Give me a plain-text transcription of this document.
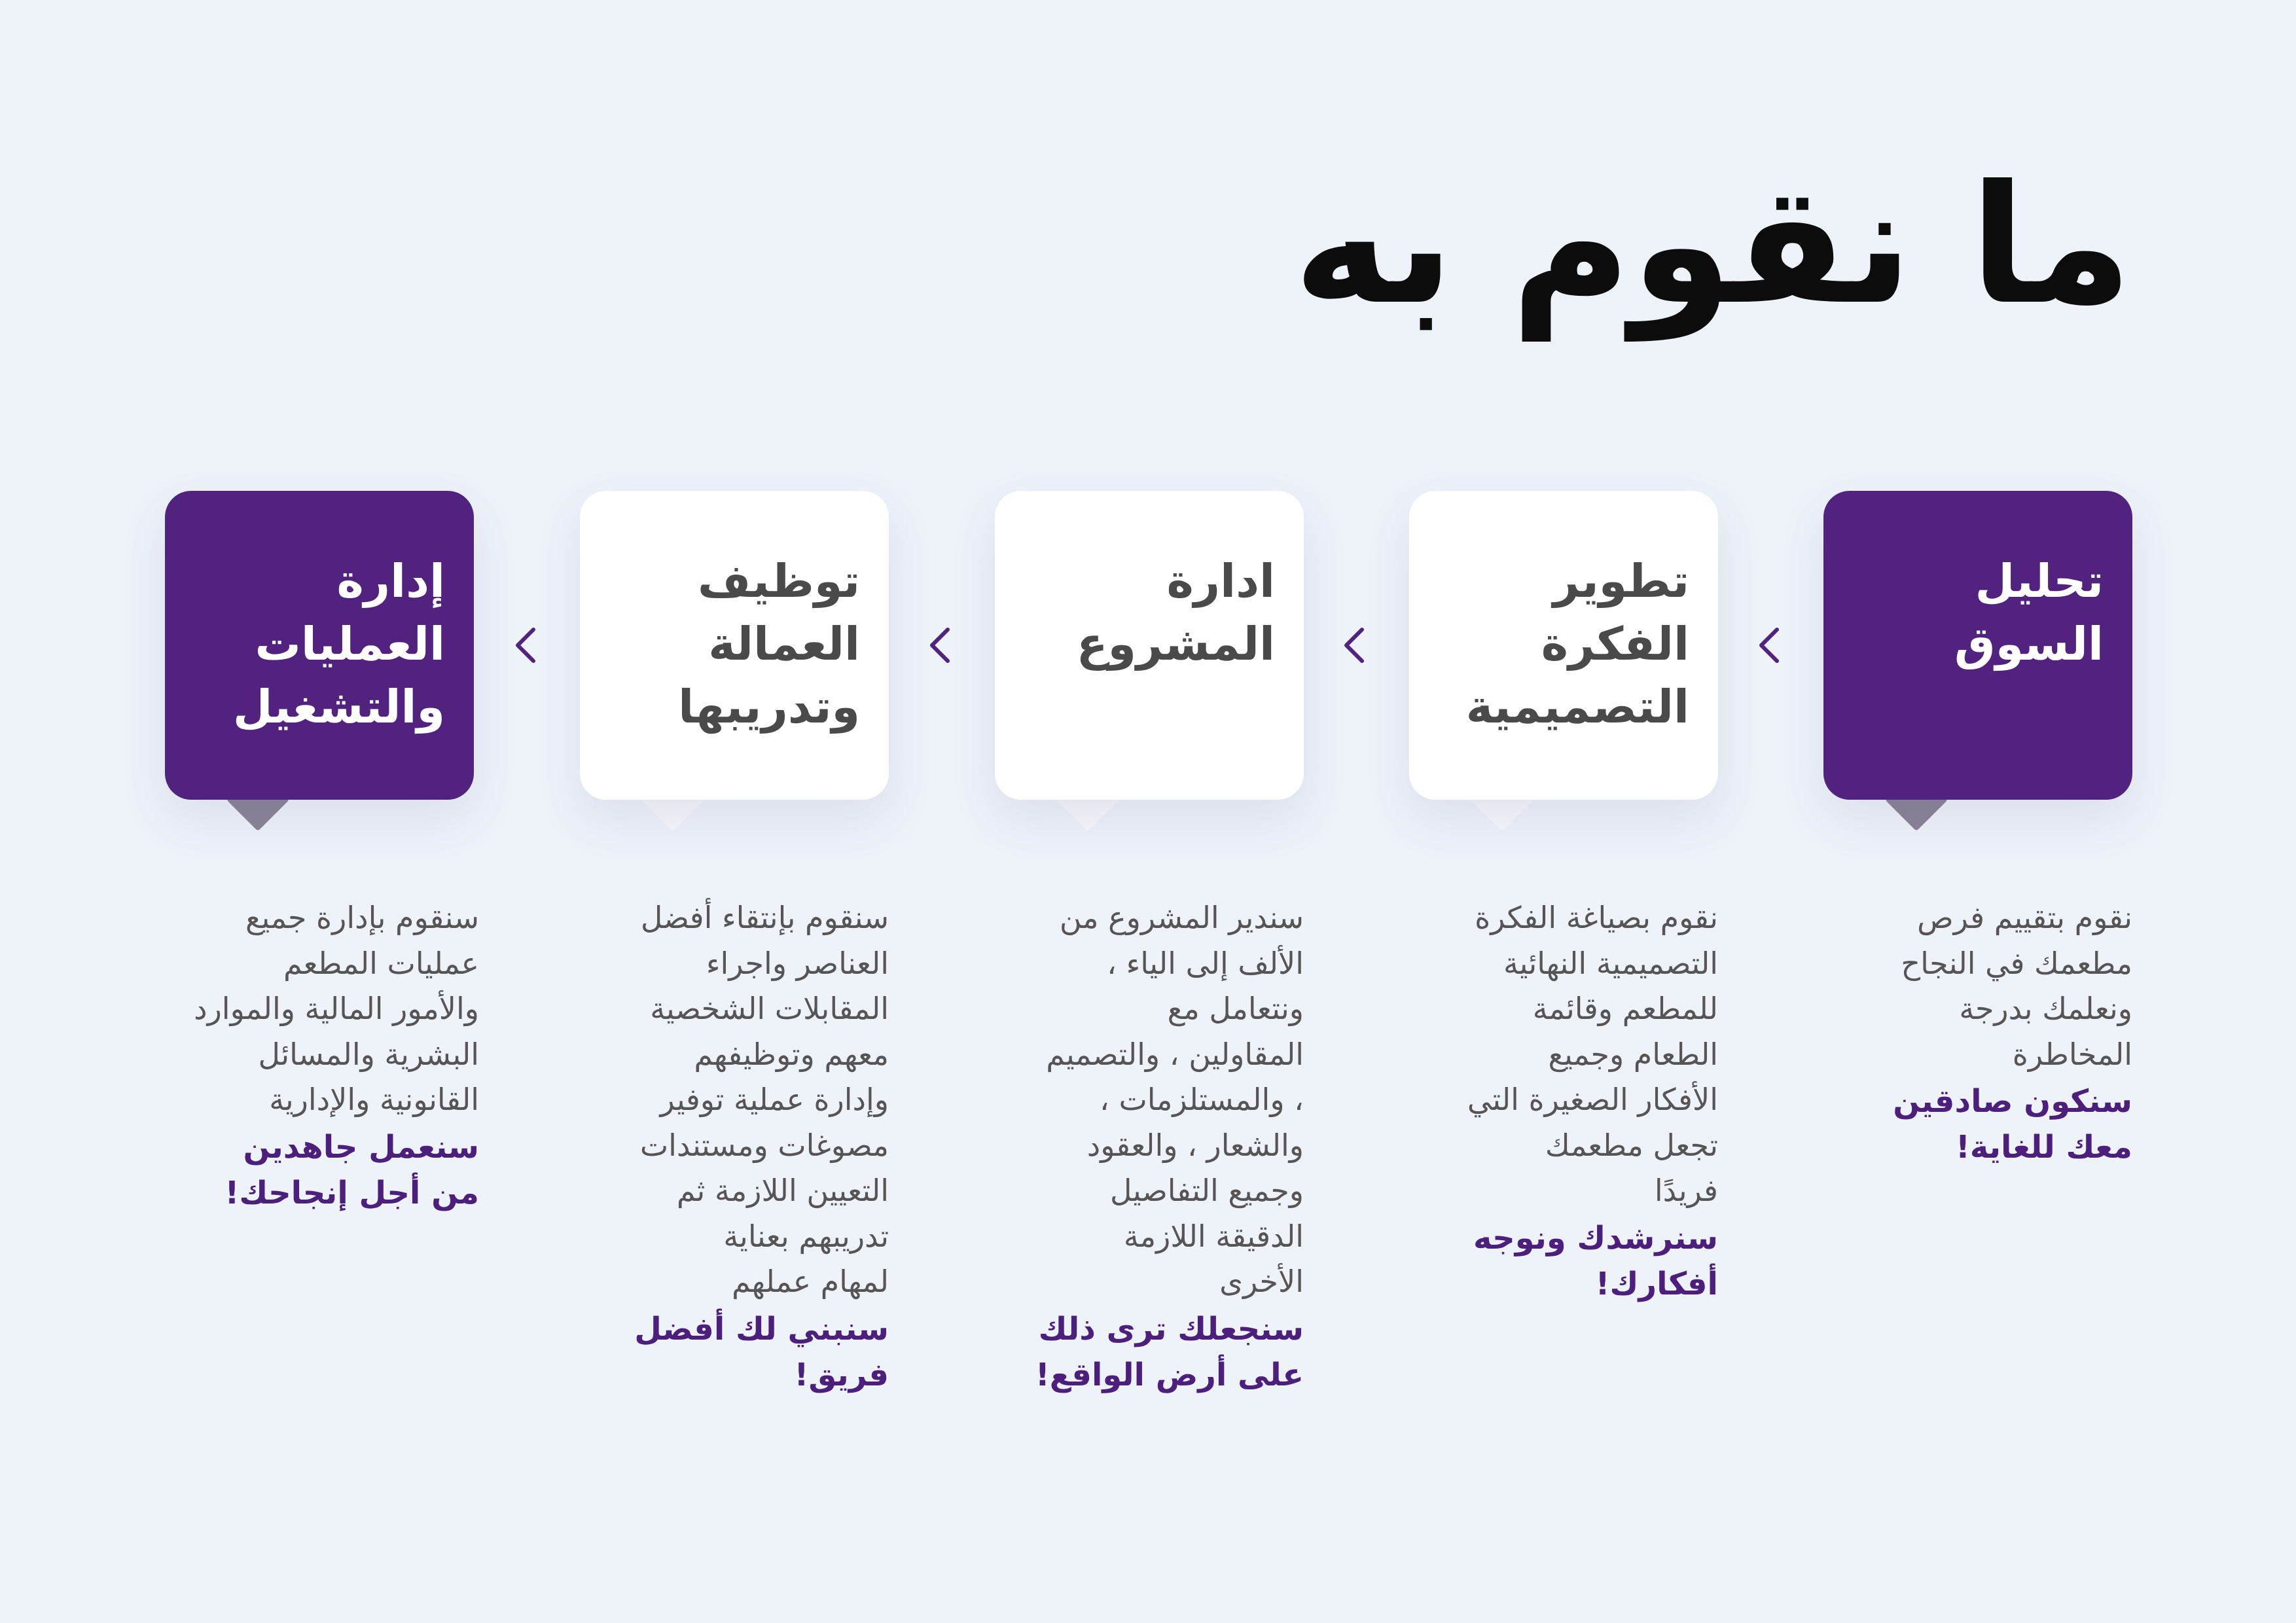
ما نقوم به
تحليل
السوق
نقوم بتقييم فرص
مطعمك في النجاح
ونعلمك بدرجة
المخاطرة
سنكون صادقين
معك للغاية!
تطوير
الفكرة
التصميمية
نقوم بصياغة الفكرة
التصميمية النهائية
للمطعم وقائمة
الطعام وجميع
الأفكار الصغيرة التي
تجعل مطعمك
فريدًا
سنرشدك ونوجه
أفكارك!
ادارة
المشروع
سندير المشروع من
الألف إلى الياء ،
ونتعامل مع
المقاولين ، والتصميم
، والمستلزمات ،
والشعار ، والعقود
وجميع التفاصيل
الدقيقة اللازمة
الأخرى
سنجعلك ترى ذلك
على أرض الواقع!
توظيف
العمالة
وتدريبها
سنقوم بإنتقاء أفضل
العناصر واجراء
المقابلات الشخصية
معهم وتوظيفهم
وإدارة عملية توفير
مصوغات ومستندات
التعيين اللازمة ثم
تدريبهم بعناية
لمهام عملهم
سنبني لك أفضل
فريق!
إدارة
العمليات
والتشغيل
سنقوم بإدارة جميع
عمليات المطعم
والأمور المالية والموارد
البشرية والمسائل
القانونية والإدارية
سنعمل جاهدين
من أجل إنجاحك!
